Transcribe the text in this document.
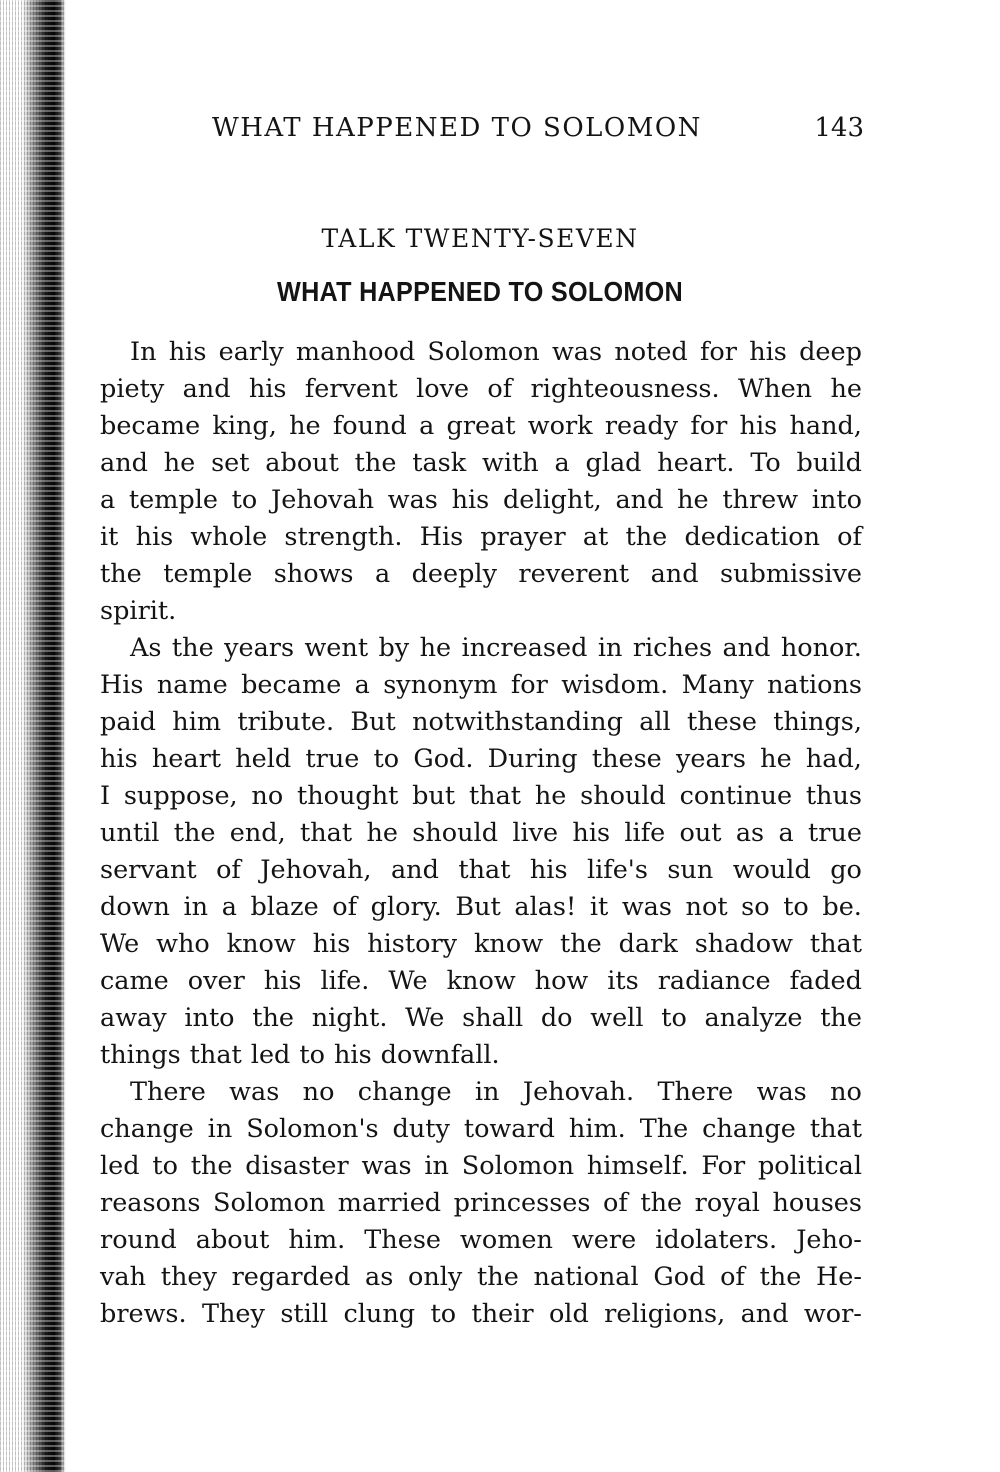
WHAT HAPPENED TO SOLOMON	143
TALK TWENTY-SEVEN
WHAT HAPPENED TO SOLOMON
In his early manhood Solomon was noted for his deep
piety and his fervent love of righteousness. When he
became king, he found a great work ready for his hand,
and he set about the task with a glad heart. To build
a temple to Jehovah was his delight, and he threw into
it his whole strength. His prayer at the dedication of
the temple shows a deeply reverent and submissive
spirit.
As the years went by he increased in riches and honor.
His name became a synonym for wisdom. Many nations
paid him tribute. But notwithstanding all these things,
his heart held true to God. During these years he had,
I suppose, no thought but that he should continue thus
until the end, that he should live his life out as a true
servant of Jehovah, and that his life's sun would go
down in a blaze of glory. But alas! it was not so to be.
We who know his history know the dark shadow that
came over his life. We know how its radiance faded
away into the night. We shall do well to analyze the
things that led to his downfall.
There was no change in Jehovah. There was no
change in Solomon's duty toward him. The change that
led to the disaster was in Solomon himself. For political
reasons Solomon married princesses of the royal houses
round about him. These women were idolaters. Jeho-
vah they regarded as only the national God of the He-
brews. They still clung to their old religions, and wor-
